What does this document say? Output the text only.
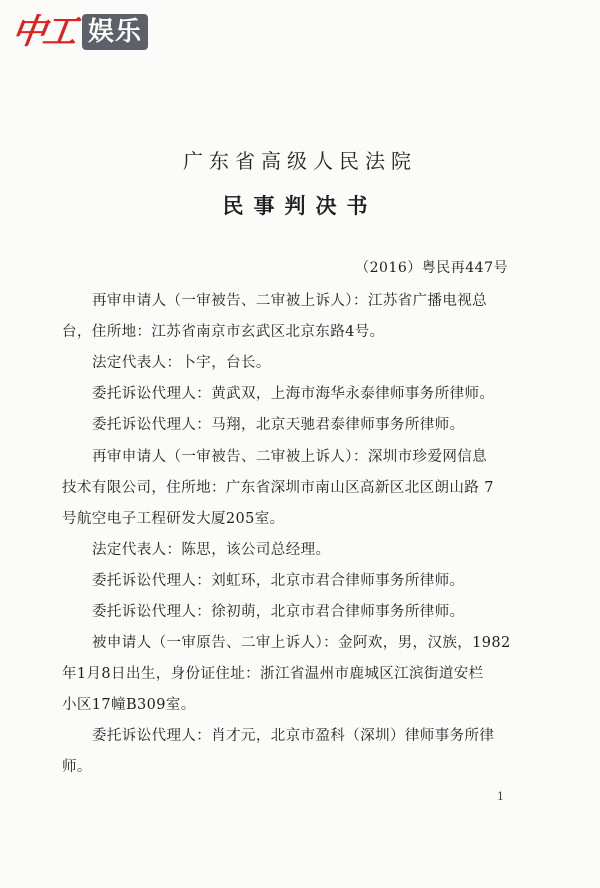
中工 娱乐
广东省高级人民法院
民事判决书
（2016）粤民再447号
再审申请人（一审被告、二审被上诉人）：江苏省广播电视总
台，住所地：江苏省南京市玄武区北京东路4号。
法定代表人：卜宇，台长。
委托诉讼代理人：黄武双，上海市海华永泰律师事务所律师。
委托诉讼代理人：马翔，北京天驰君泰律师事务所律师。
再审申请人（一审被告、二审被上诉人）：深圳市珍爱网信息
技术有限公司，住所地：广东省深圳市南山区高新区北区朗山路 7
号航空电子工程研发大厦205室。
法定代表人：陈思，该公司总经理。
委托诉讼代理人：刘虹环，北京市君合律师事务所律师。
委托诉讼代理人：徐初萌，北京市君合律师事务所律师。
被申请人（一审原告、二审上诉人）：金阿欢，男，汉族，1982
年1月8日出生，身份证住址：浙江省温州市鹿城区江滨街道安栏
小区17幢B309室。
委托诉讼代理人：肖才元，北京市盈科（深圳）律师事务所律
师。
1
